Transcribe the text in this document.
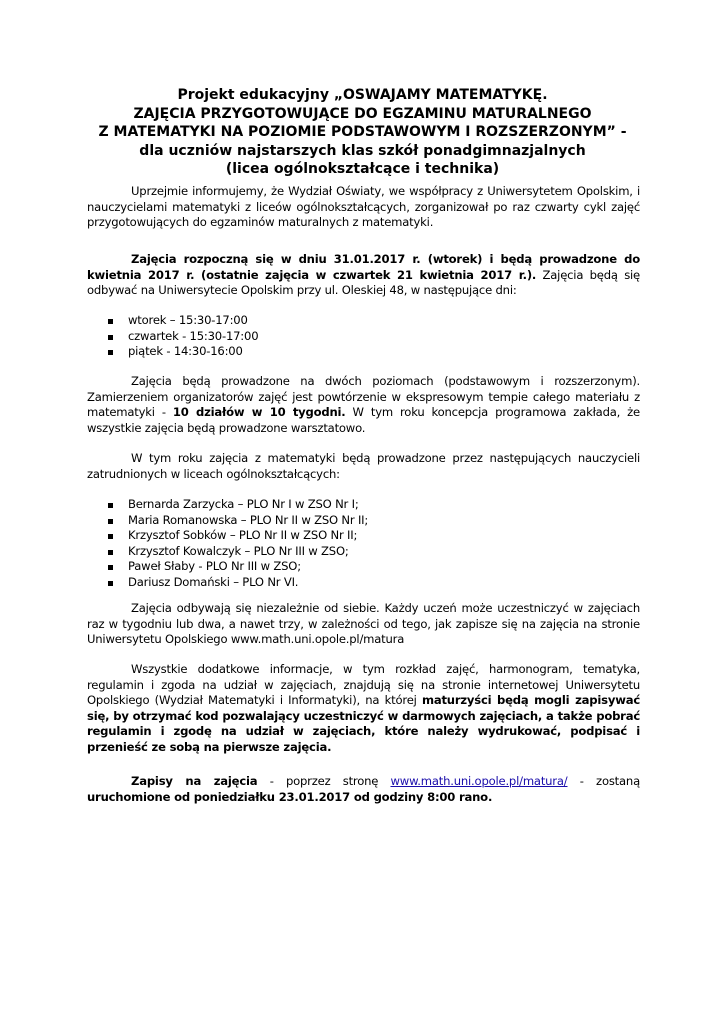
Projekt edukacyjny „OSWAJAMY MATEMATYKĘ.
ZAJĘCIA PRZYGOTOWUJĄCE DO EGZAMINU MATURALNEGO
Z MATEMATYKI NA POZIOMIE PODSTAWOWYM I ROZSZERZONYM” -
dla uczniów najstarszych klas szkół ponadgimnazjalnych
(licea ogólnokształcące i technika)

Uprzejmie informujemy, że Wydział Oświaty, we współpracy z Uniwersytetem Opolskim, i nauczycielami matematyki z liceów ogólnokształcących, zorganizował po raz czwarty cykl zajęć przygotowujących do egzaminów maturalnych z matematyki.

Zajęcia rozpoczną się w dniu 31.01.2017 r. (wtorek) i będą prowadzone do kwietnia 2017 r. (ostatnie zajęcia w czwartek 21 kwietnia 2017 r.). Zajęcia będą się odbywać na Uniwersytecie Opolskim przy ul. Oleskiej 48, w następujące dni:

wtorek – 15:30-17:00
czwartek - 15:30-17:00
piątek - 14:30-16:00

Zajęcia będą prowadzone na dwóch poziomach (podstawowym i rozszerzonym). Zamierzeniem organizatorów zajęć jest powtórzenie w ekspresowym tempie całego materiału z matematyki - 10 działów w 10 tygodni. W tym roku koncepcja programowa zakłada, że wszystkie zajęcia będą prowadzone warsztatowo.

W tym roku zajęcia z matematyki będą prowadzone przez następujących nauczycieli zatrudnionych w liceach ogólnokształcących:

Bernarda Zarzycka – PLO Nr I w ZSO Nr I;
Maria Romanowska – PLO Nr II w ZSO Nr II;
Krzysztof Sobków – PLO Nr II w ZSO Nr II;
Krzysztof Kowalczyk – PLO Nr III w ZSO;
Paweł Słaby - PLO Nr III w ZSO;
Dariusz Domański – PLO Nr VI.

Zajęcia odbywają się niezależnie od siebie. Każdy uczeń może uczestniczyć w zajęciach raz w tygodniu lub dwa, a nawet trzy, w zależności od tego, jak zapisze się na zajęcia na stronie Uniwersytetu Opolskiego www.math.uni.opole.pl/matura

Wszystkie dodatkowe informacje, w tym rozkład zajęć, harmonogram, tematyka, regulamin i zgoda na udział w zajęciach, znajdują się na stronie internetowej Uniwersytetu Opolskiego (Wydział Matematyki i Informatyki), na której maturzyści będą mogli zapisywać się, by otrzymać kod pozwalający uczestniczyć w darmowych zajęciach, a także pobrać regulamin i zgodę na udział w zajęciach, które należy wydrukować, podpisać i przenieść ze sobą na pierwsze zajęcia.

Zapisy na zajęcia - poprzez stronę www.math.uni.opole.pl/matura/ - zostaną uruchomione od poniedziałku 23.01.2017 od godziny 8:00 rano.
